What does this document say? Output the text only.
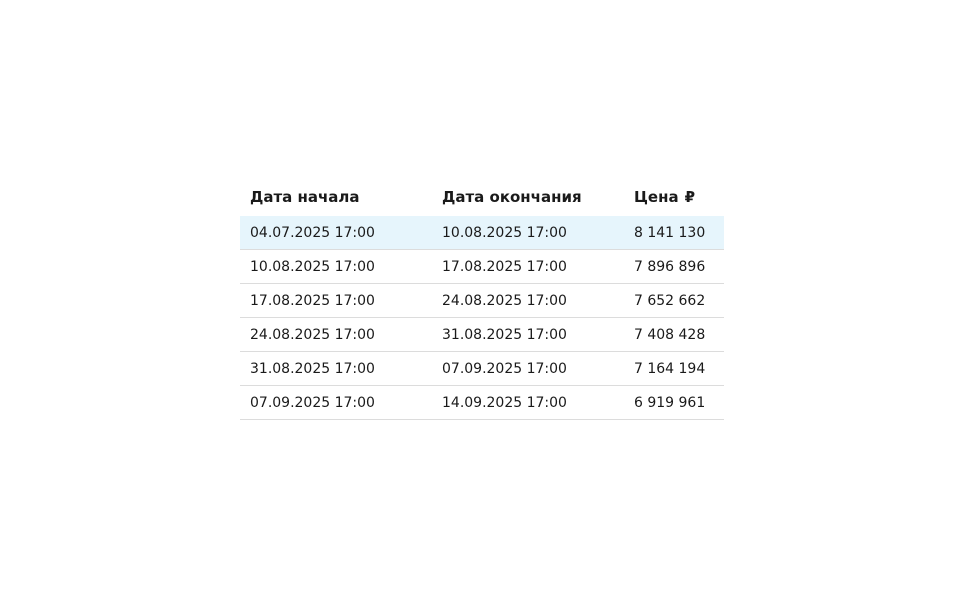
Дата начала	Дата окончания	Цена ₽
04.07.2025 17:00	10.08.2025 17:00	8 141 130
10.08.2025 17:00	17.08.2025 17:00	7 896 896
17.08.2025 17:00	24.08.2025 17:00	7 652 662
24.08.2025 17:00	31.08.2025 17:00	7 408 428
31.08.2025 17:00	07.09.2025 17:00	7 164 194
07.09.2025 17:00	14.09.2025 17:00	6 919 961
